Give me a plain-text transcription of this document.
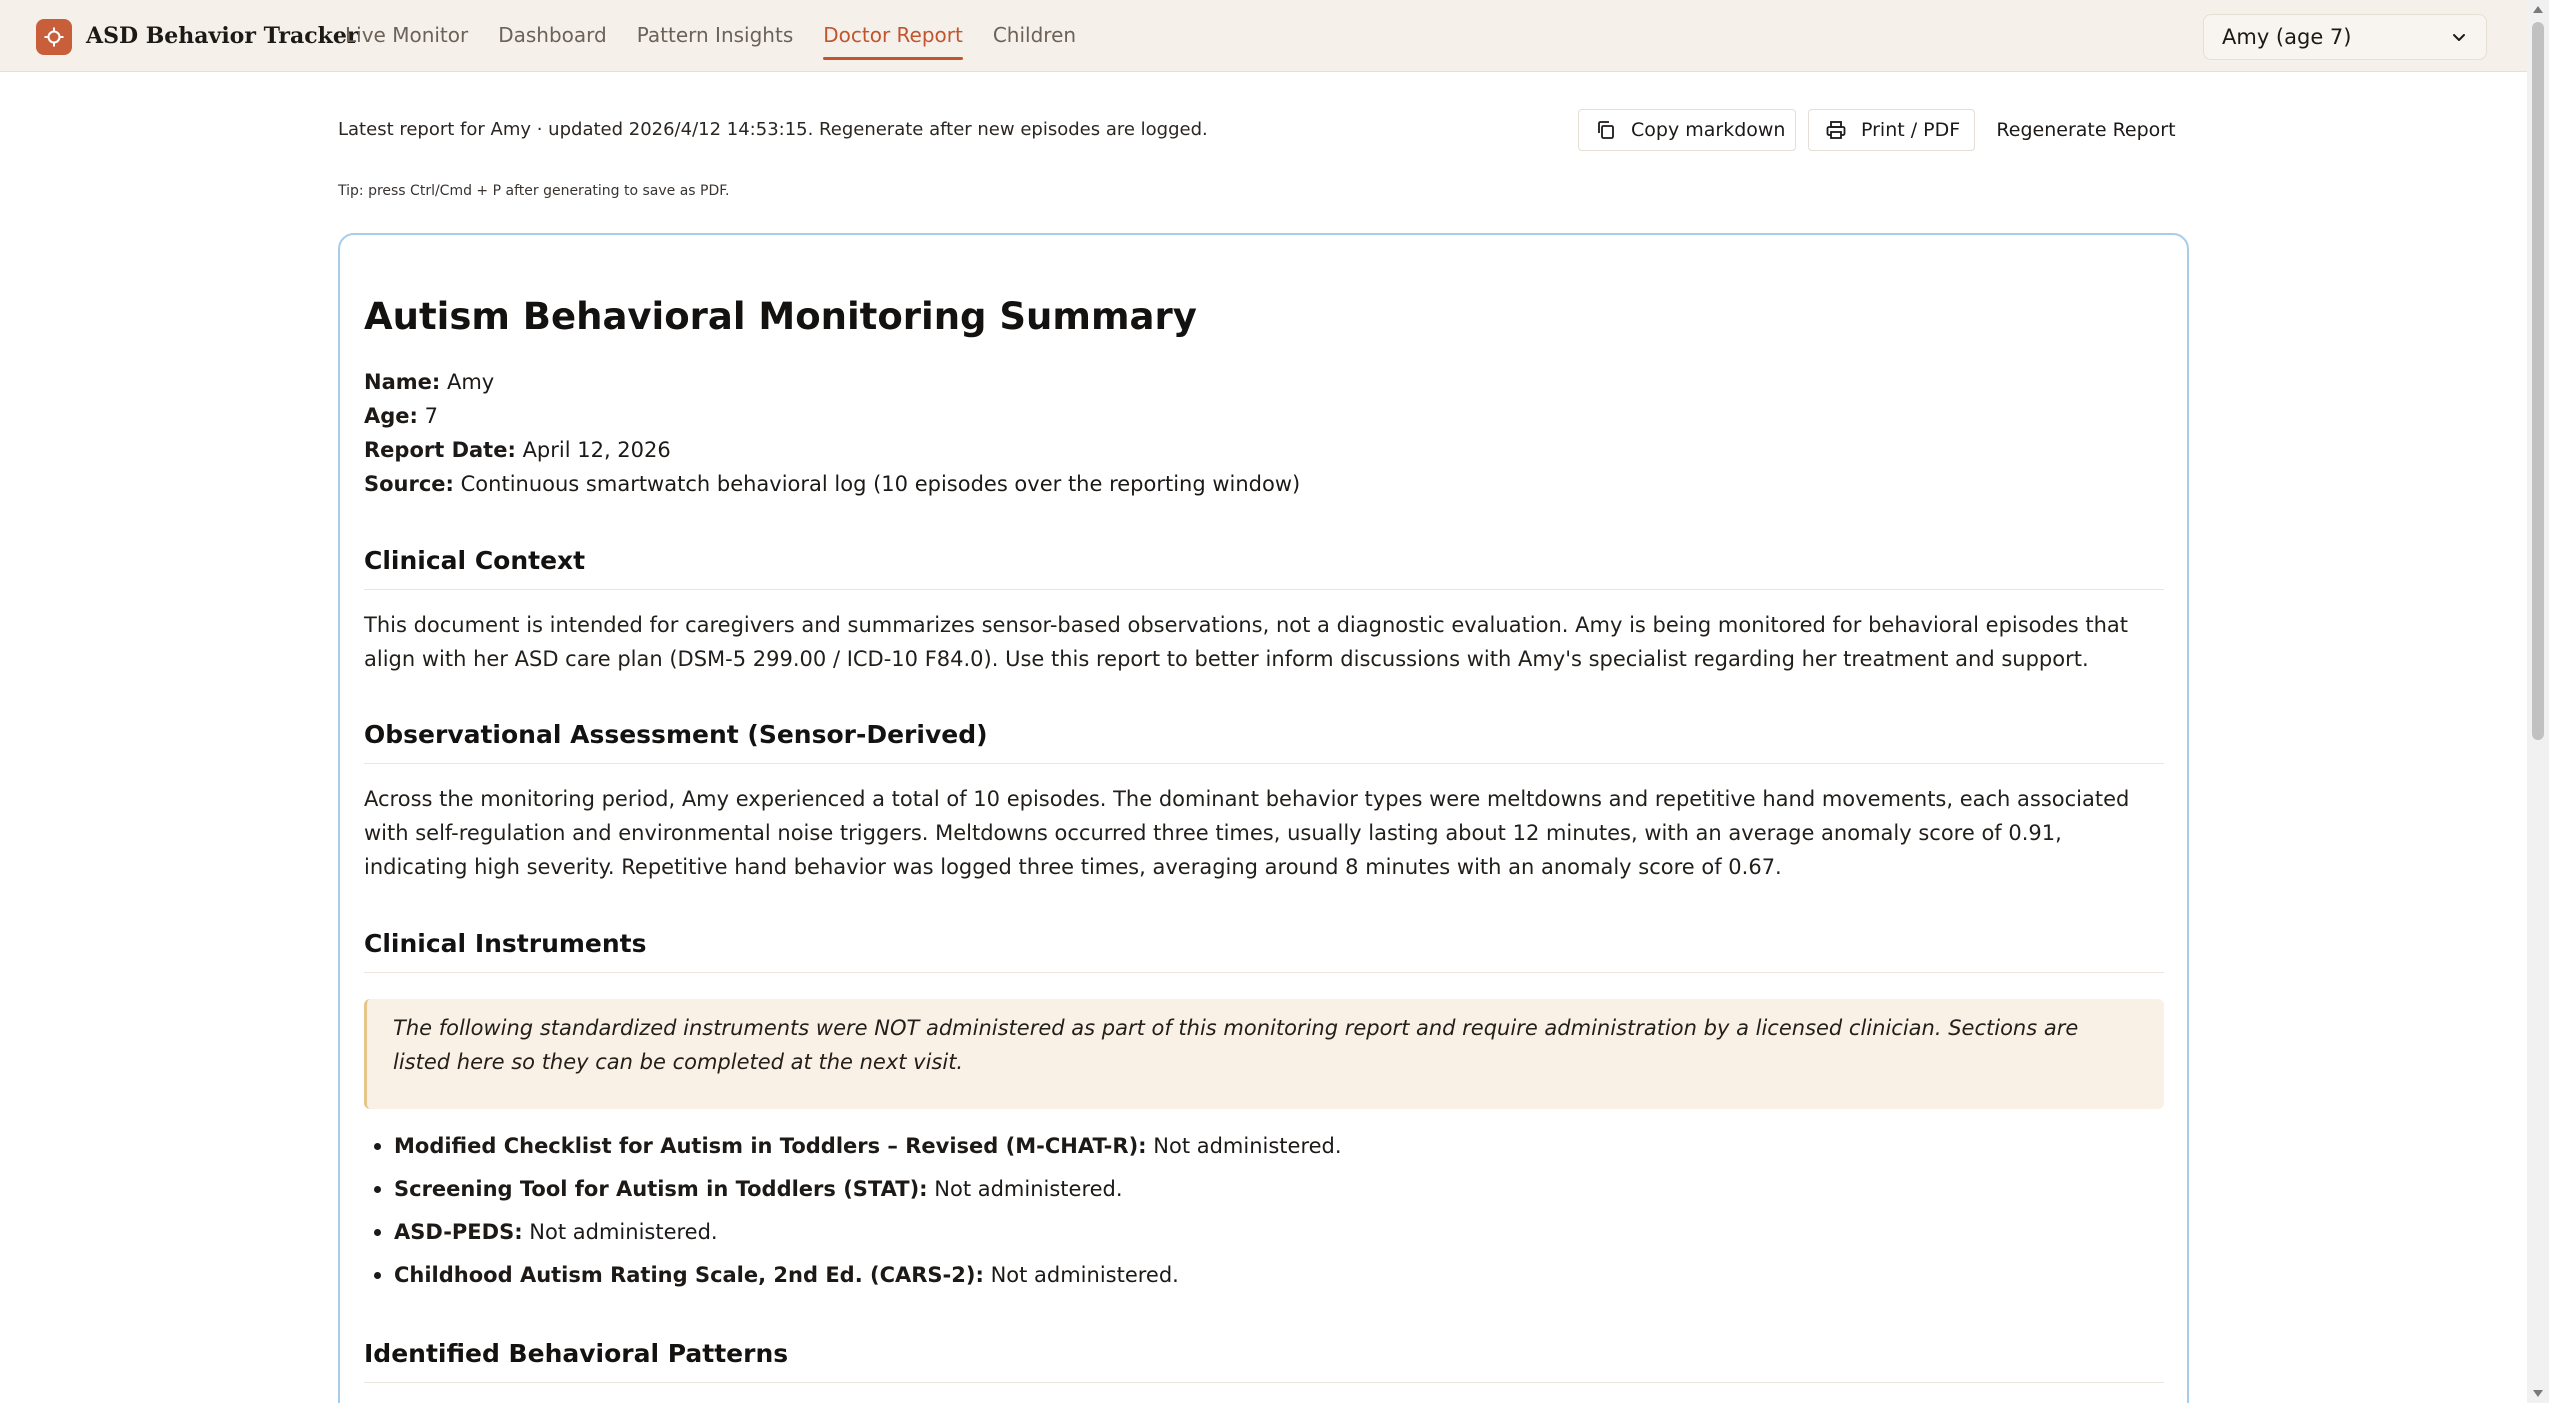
ASD Behavior Tracker
Live Monitor Dashboard Pattern Insights Doctor Report Children	Amy (age 7)
Latest report for Amy · updated 2026/4/12 14:53:15. Regenerate after new episodes are logged.
Tip: press Ctrl/Cmd + P after generating to save as PDF.
Copy markdown	Print / PDF	Regenerate Report
Autism Behavioral Monitoring Summary
Name: Amy
Age: 7
Report Date: April 12, 2026
Source: Continuous smartwatch behavioral log (10 episodes over the reporting window)
Clinical Context
This document is intended for caregivers and summarizes sensor-based observations, not a diagnostic evaluation. Amy is being monitored for behavioral episodes that align with her ASD care plan (DSM-5 299.00 / ICD-10 F84.0). Use this report to better inform discussions with Amy's specialist regarding her treatment and support.
Observational Assessment (Sensor-Derived)
Across the monitoring period, Amy experienced a total of 10 episodes. The dominant behavior types were meltdowns and repetitive hand movements, each associated with self-regulation and environmental noise triggers. Meltdowns occurred three times, usually lasting about 12 minutes, with an average anomaly score of 0.91, indicating high severity. Repetitive hand behavior was logged three times, averaging around 8 minutes with an anomaly score of 0.67.
Clinical Instruments
The following standardized instruments were NOT administered as part of this monitoring report and require administration by a licensed clinician. Sections are listed here so they can be completed at the next visit.
Modified Checklist for Autism in Toddlers – Revised (M-CHAT-R): Not administered.
Screening Tool for Autism in Toddlers (STAT): Not administered.
ASD-PEDS: Not administered.
Childhood Autism Rating Scale, 2nd Ed. (CARS-2): Not administered.
Identified Behavioral Patterns
